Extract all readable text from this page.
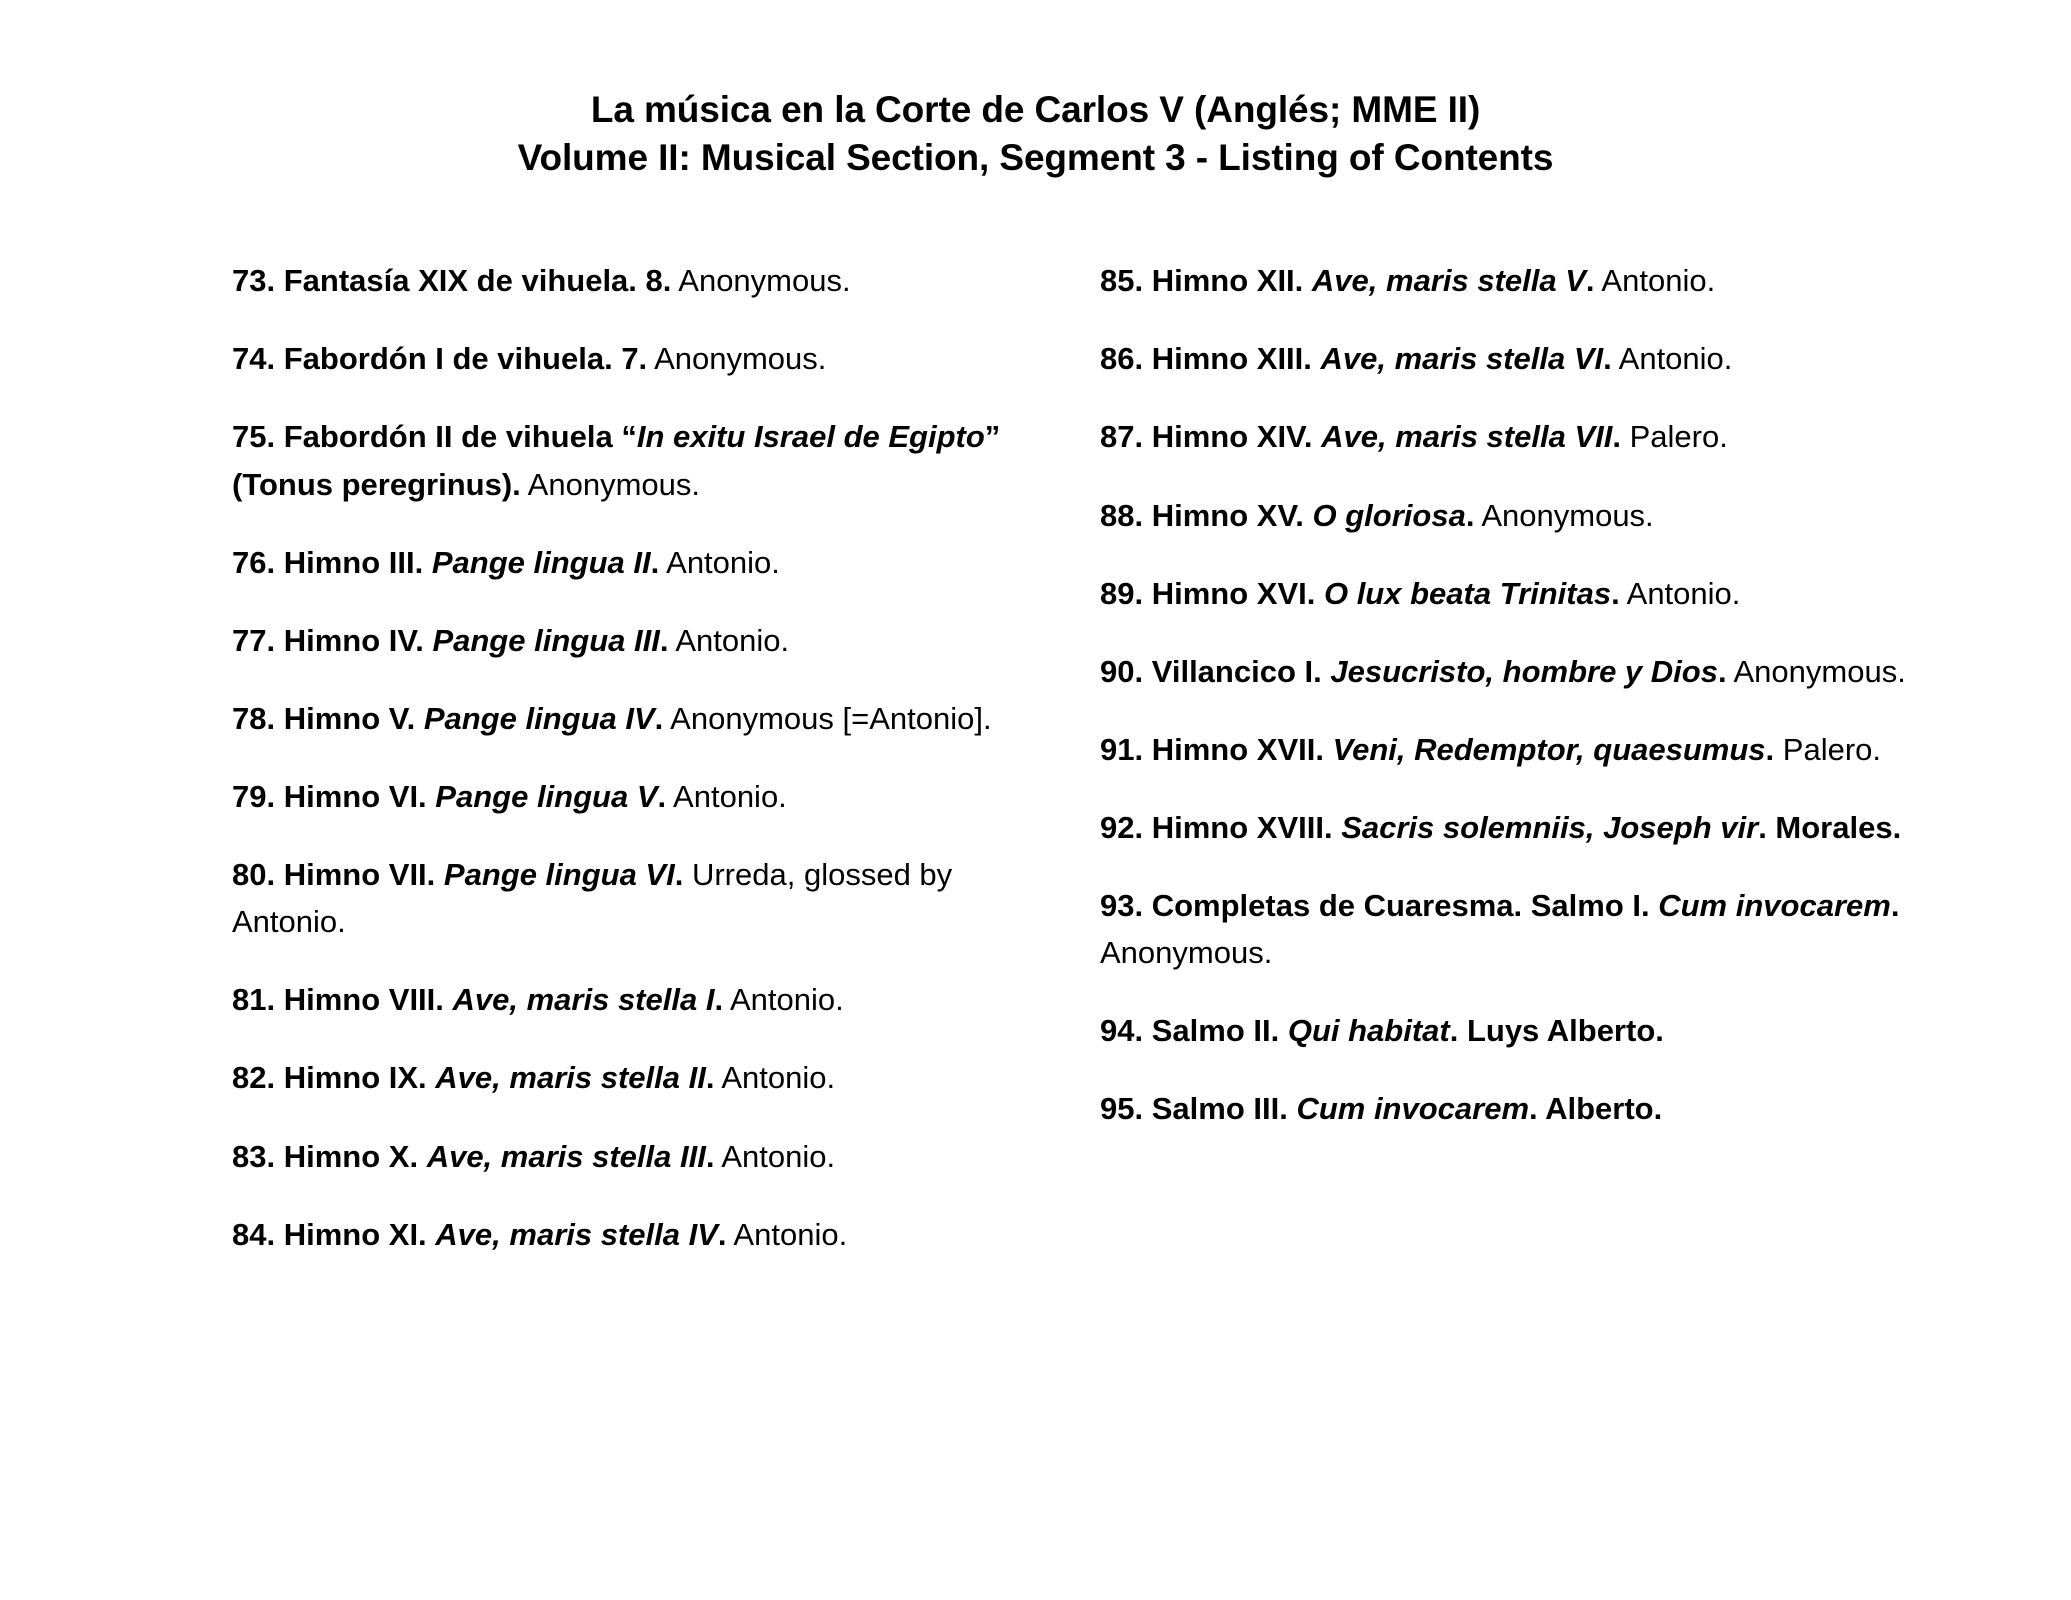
La música en la Corte de Carlos V (Anglés; MME II)
Volume II: Musical Section, Segment 3 - Listing of Contents

73. Fantasía XIX de vihuela. 8. Anonymous.

74. Fabordón I de vihuela. 7. Anonymous.

75. Fabordón II de vihuela “In exitu Israel de Egipto” (Tonus peregrinus). Anonymous.

76. Himno III. Pange lingua II. Antonio.

77. Himno IV. Pange lingua III. Antonio.

78. Himno V. Pange lingua IV. Anonymous [=Antonio].

79. Himno VI. Pange lingua V. Antonio.

80. Himno VII. Pange lingua VI. Urreda, glossed by Antonio.

81. Himno VIII. Ave, maris stella I. Antonio.

82. Himno IX. Ave, maris stella II. Antonio.

83. Himno X. Ave, maris stella III. Antonio.

84. Himno XI. Ave, maris stella IV. Antonio.

85. Himno XII. Ave, maris stella V. Antonio.

86. Himno XIII. Ave, maris stella VI. Antonio.

87. Himno XIV. Ave, maris stella VII. Palero.

88. Himno XV. O gloriosa. Anonymous.

89. Himno XVI. O lux beata Trinitas. Antonio.

90. Villancico I. Jesucristo, hombre y Dios. Anonymous.

91. Himno XVII. Veni, Redemptor, quaesumus. Palero.

92. Himno XVIII. Sacris solemniis, Joseph vir. Morales.

93. Completas de Cuaresma. Salmo I. Cum invocarem. Anonymous.

94. Salmo II. Qui habitat. Luys Alberto.

95. Salmo III. Cum invocarem. Alberto.
